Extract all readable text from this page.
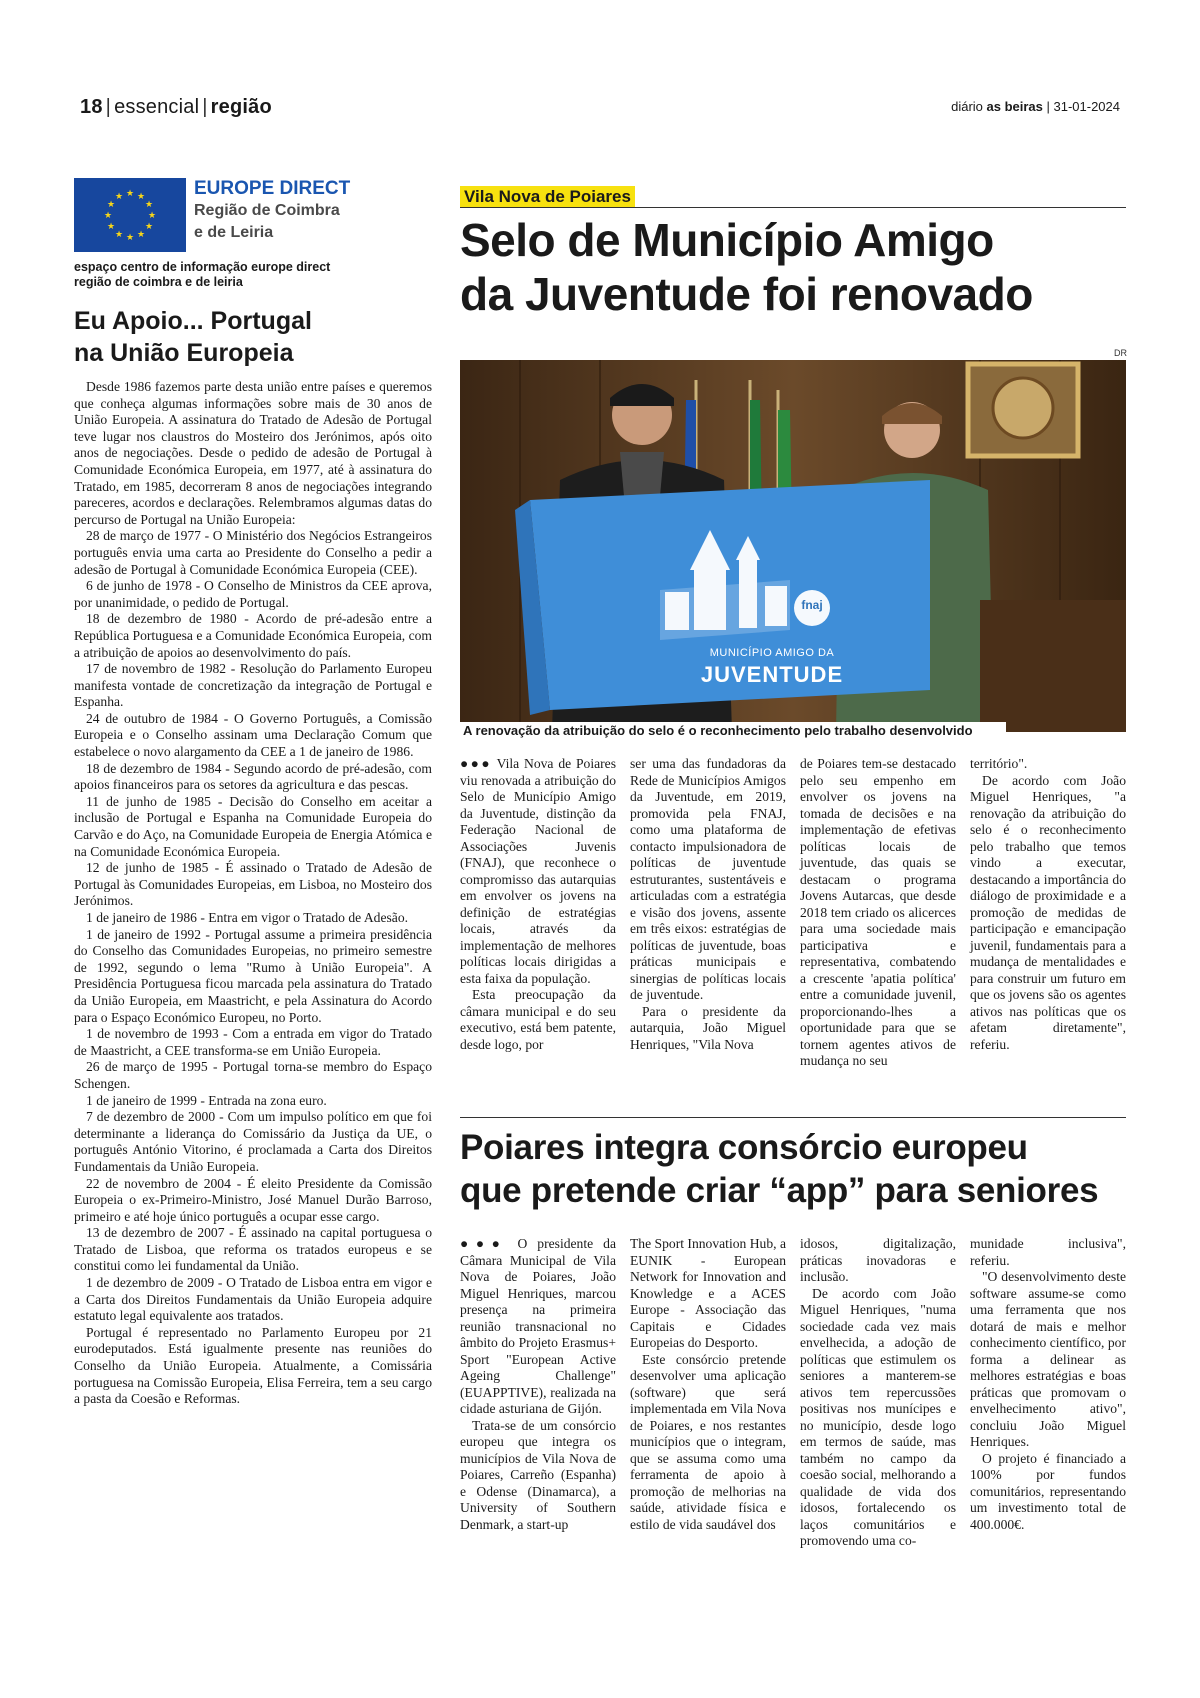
18 | essencial | região	diário as beiras | 31-01-2024
★ ★
★
★
★
★
★
★
★
★
★
★	EUROPE DIRECT
Região de Coimbra
e de Leiria
espaço centro de informação europe direct
região de coimbra e de leiria
Eu Apoio... Portugal
na União Europeia

Desde 1986 fazemos parte desta união entre países e queremos que conheça algumas informações sobre mais de 30 anos de União Europeia. A assinatura do Tratado de Adesão de Portugal teve lugar nos claustros do Mosteiro dos Jerónimos, após oito anos de negociações. Desde o pedido de adesão de Portugal à Comunidade Económica Europeia, em 1977, até à assinatura do Tratado, em 1985, decorreram 8 anos de negociações integrando pareceres, acordos e declarações. Relembramos algumas datas do percurso de Portugal na União Europeia:

28 de março de 1977 - O Ministério dos Negócios Estrangeiros português envia uma carta ao Presidente do Conselho a pedir a adesão de Portugal à Comunidade Económica Europeia (CEE).

6 de junho de 1978 - O Conselho de Ministros da CEE aprova, por unanimidade, o pedido de Portugal.

18 de dezembro de 1980 - Acordo de pré-adesão entre a República Portuguesa e a Comunidade Económica Europeia, com a atribuição de apoios ao desenvolvimento do país.

17 de novembro de 1982 - Resolução do Parlamento Europeu manifesta vontade de concretização da integração de Portugal e Espanha.

24 de outubro de 1984 - O Governo Português, a Comissão Europeia e o Conselho assinam uma Declaração Comum que estabelece o novo alargamento da CEE a 1 de janeiro de 1986.

18 de dezembro de 1984 - Segundo acordo de pré-adesão, com apoios financeiros para os setores da agricultura e das pescas.

11 de junho de 1985 - Decisão do Conselho em aceitar a inclusão de Portugal e Espanha na Comunidade Europeia do Carvão e do Aço, na Comunidade Europeia de Energia Atómica e na Comunidade Económica Europeia.

12 de junho de 1985 - É assinado o Tratado de Adesão de Portugal às Comunidades Europeias, em Lisboa, no Mosteiro dos Jerónimos.

1 de janeiro de 1986 - Entra em vigor o Tratado de Adesão.

1 de janeiro de 1992 - Portugal assume a primeira presidência do Conselho das Comunidades Europeias, no primeiro semestre de 1992, segundo o lema "Rumo à União Europeia". A Presidência Portuguesa ficou marcada pela assinatura do Tratado da União Europeia, em Maastricht, e pela Assinatura do Acordo para o Espaço Económico Europeu, no Porto.

1 de novembro de 1993 - Com a entrada em vigor do Tratado de Maastricht, a CEE transforma-se em União Europeia.

26 de março de 1995 - Portugal torna-se membro do Espaço Schengen.

1 de janeiro de 1999 - Entrada na zona euro.

7 de dezembro de 2000 - Com um impulso político em que foi determinante a liderança do Comissário da Justiça da UE, o português António Vitorino, é proclamada a Carta dos Direitos Fundamentais da União Europeia.

22 de novembro de 2004 - É eleito Presidente da Comissão Europeia o ex-Primeiro-Ministro, José Manuel Durão Barroso, primeiro e até hoje único português a ocupar esse cargo.

13 de dezembro de 2007 - É assinado na capital portuguesa o Tratado de Lisboa, que reforma os tratados europeus e se constitui como lei fundamental da União.

1 de dezembro de 2009 - O Tratado de Lisboa entra em vigor e a Carta dos Direitos Fundamentais da União Europeia adquire estatuto legal equivalente aos tratados.

Portugal é representado no Parlamento Europeu por 21 eurodeputados. Está igualmente presente nas reuniões do Conselho da União Europeia. Atualmente, a Comissária portuguesa na Comissão Europeia, Elisa Ferreira, tem a seu cargo a pasta da Coesão e Reformas.

Vila Nova de Poiares
Selo de Município Amigo
da Juventude foi renovado
DR
fnaj
MUNICÍPIO AMIGO DA
JUVENTUDE
A renovação da atribuição do selo é o reconhecimento pelo trabalho desenvolvido

●●● Vila Nova de Poiares viu renovada a atribuição do Selo de Município Amigo da Juventude, distinção da Federação Nacional de Associações Juvenis (FNAJ), que reconhece o compromisso das autarquias em envolver os jovens na definição de estratégias locais, através da implementação de melhores políticas locais dirigidas a esta faixa da população.

Esta preocupação da câmara municipal e do seu executivo, está bem patente, desde logo, por

ser uma das fundadoras da Rede de Municípios Amigos da Juventude, em 2019, promovida pela FNAJ, como uma plataforma de contacto impulsionadora de políticas de juventude estruturantes, sustentáveis e articuladas com a estratégia e visão dos jovens, assente em três eixos: estratégias de políticas de juventude, boas práticas municipais e sinergias de políticas locais de juventude.

Para o presidente da autarquia, João Miguel Henriques, "Vila Nova

de Poiares tem-se destacado pelo seu empenho em envolver os jovens na tomada de decisões e na implementação de efetivas políticas locais de juventude, das quais se destacam o programa Jovens Autarcas, que desde 2018 tem criado os alicerces para uma sociedade mais participativa e representativa, combatendo a crescente 'apatia política' entre a comunidade juvenil, proporcionando-lhes a oportunidade para que se tornem agentes ativos de mudança no seu

território".

De acordo com João Miguel Henriques, "a renovação da atribuição do selo é o reconhecimento pelo trabalho que temos vindo a executar, destacando a importância do diálogo de proximidade e a promoção de medidas de participação e emancipação juvenil, fundamentais para a mudança de mentalidades e para construir um futuro em que os jovens são os agentes ativos nas políticas que os afetam diretamente", referiu.

Poiares integra consórcio europeu
que pretende criar “app” para seniores

●●● O presidente da Câmara Municipal de Vila Nova de Poiares, João Miguel Henriques, marcou presença na primeira reunião transnacional no âmbito do Projeto Erasmus+ Sport "European Active Ageing Challenge" (EUAPPTIVE), realizada na cidade asturiana de Gijón.

Trata-se de um consórcio europeu que integra os municípios de Vila Nova de Poiares, Carreño (Espanha) e Odense (Dinamarca), a University of Southern Denmark, a start-up

The Sport Innovation Hub, a EUNIK - European Network for Innovation and Knowledge e a ACES Europe - Associação das Capitais e Cidades Europeias do Desporto.

Este consórcio pretende desenvolver uma aplicação (software) que será implementada em Vila Nova de Poiares, e nos restantes municípios que o integram, que se assuma como uma ferramenta de apoio à promoção de melhorias na saúde, atividade física e estilo de vida saudável dos

idosos, digitalização, práticas inovadoras e inclusão.

De acordo com João Miguel Henriques, "numa sociedade cada vez mais envelhecida, a adoção de políticas que estimulem os seniores a manterem-se ativos tem repercussões positivas nos munícipes e no município, desde logo em termos de saúde, mas também no campo da coesão social, melhorando a qualidade de vida dos idosos, fortalecendo os laços comunitários e promovendo uma co-

munidade inclusiva", referiu.

"O desenvolvimento deste software assume-se como uma ferramenta que nos dotará de mais e melhor conhecimento científico, por forma a delinear as melhores estratégias e boas práticas que promovam o envelhecimento ativo", concluiu João Miguel Henriques.

O projeto é financiado a 100% por fundos comunitários, representando um investimento total de 400.000€.
